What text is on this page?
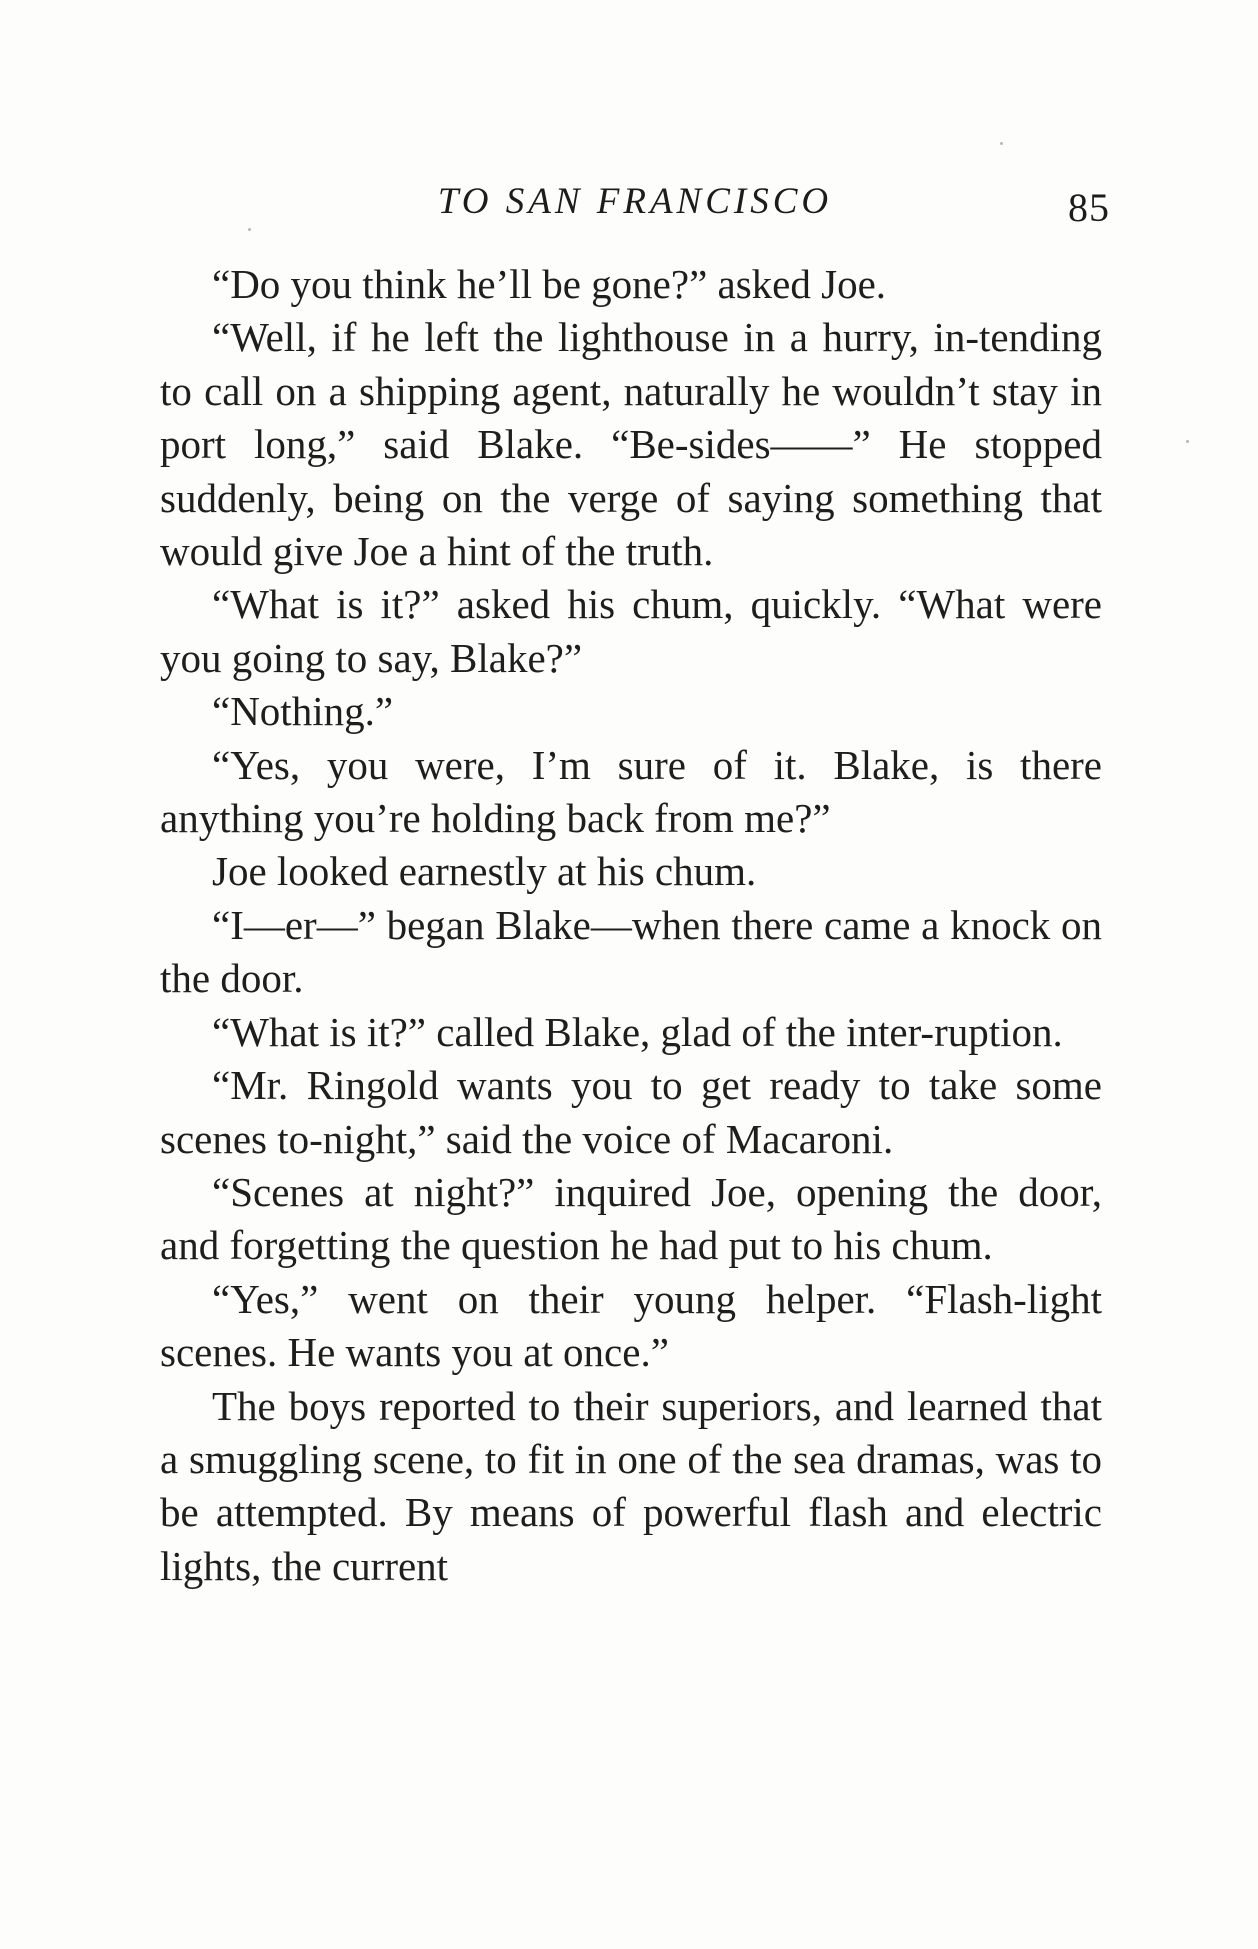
TO SAN FRANCISCO	85

“Do you think he’ll be gone?” asked Joe.

“Well, if he left the lighthouse in a hurry, in-tending to call on a shipping agent, naturally he wouldn’t stay in port long,” said Blake. “Be-sides——” He stopped suddenly, being on the verge of saying something that would give Joe a hint of the truth.

“What is it?” asked his chum, quickly. “What were you going to say, Blake?”

“Nothing.”

“Yes, you were, I’m sure of it. Blake, is there anything you’re holding back from me?”

Joe looked earnestly at his chum.

“I—er—” began Blake—when there came a knock on the door.

“What is it?” called Blake, glad of the inter-ruption.

“Mr. Ringold wants you to get ready to take some scenes to-night,” said the voice of Macaroni.

“Scenes at night?” inquired Joe, opening the door, and forgetting the question he had put to his chum.

“Yes,” went on their young helper. “Flash-light scenes. He wants you at once.”

The boys reported to their superiors, and learned that a smuggling scene, to fit in one of the sea dramas, was to be attempted. By means of powerful flash and electric lights, the current
